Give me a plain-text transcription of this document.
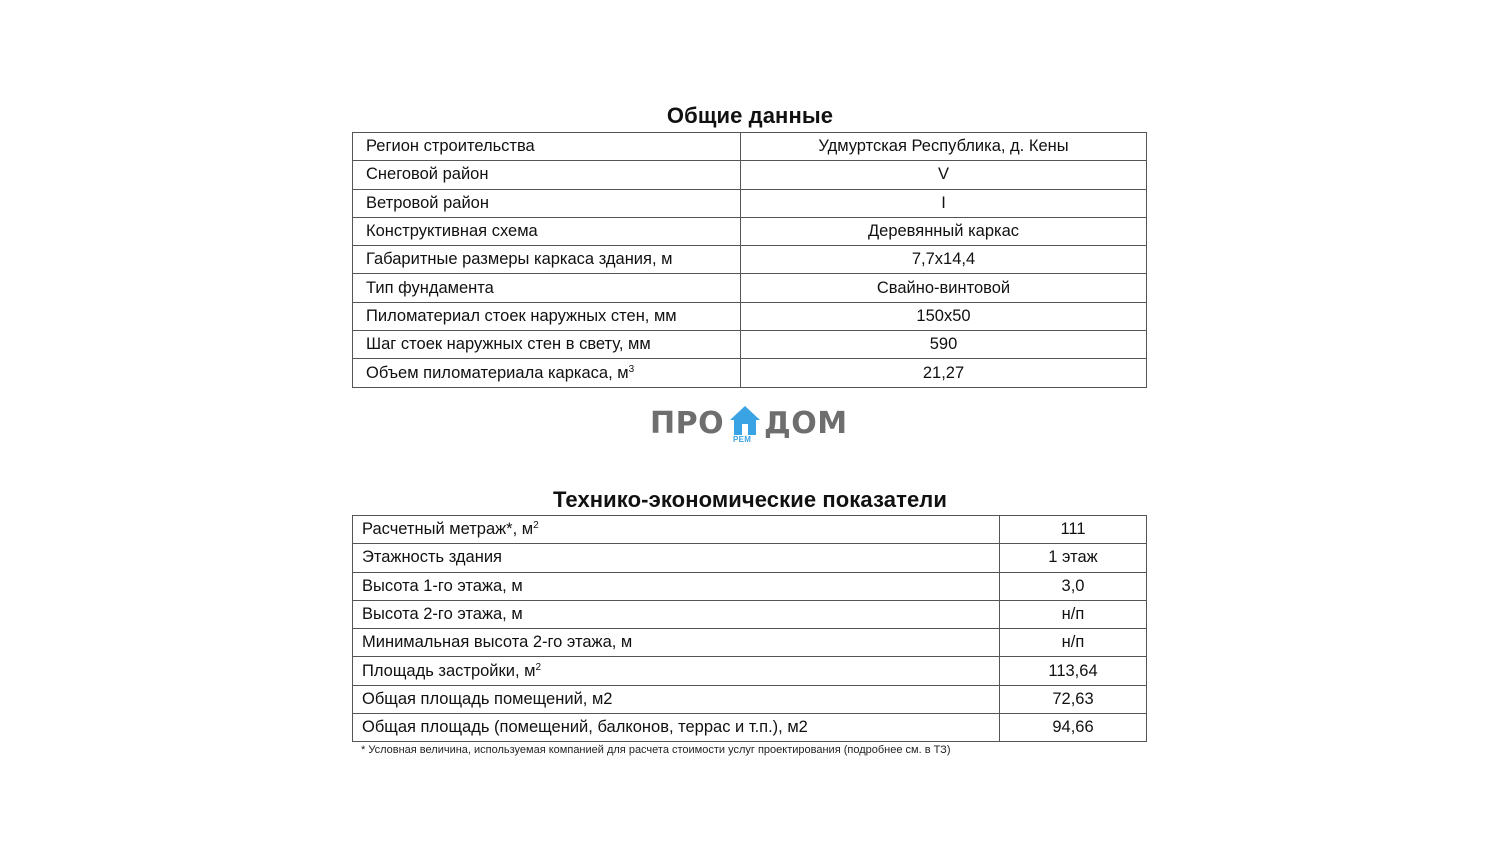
Общие данные
Регион строительства	Удмуртская Республика, д. Кены
Снеговой район	V
Ветровой район	I
Конструктивная схема	Деревянный каркас
Габаритные размеры каркаса здания, м	7,7x14,4
Тип фундамента	Свайно-винтовой
Пиломатериал стоек наружных стен, мм	150x50
Шаг стоек наружных стен в свету, мм	590
Объем пиломатериала каркаса, $м^3$	21,27
ПРО РЕМ ДОМ
Технико-экономические показатели
Расчетный метраж*, $м^2$	111
Этажность здания	1 этаж
Высота 1-го этажа, м	3,0
Высота 2-го этажа, м	н/п
Минимальная высота 2-го этажа, м	н/п
Площадь застройки, $м^2$	113,64
Общая площадь помещений, м2	72,63
Общая площадь (помещений, балконов, террас и т.п.), м2	94,66
* Условная величина, используемая компанией для расчета стоимости услуг проектирования (подробнее см. в ТЗ)
